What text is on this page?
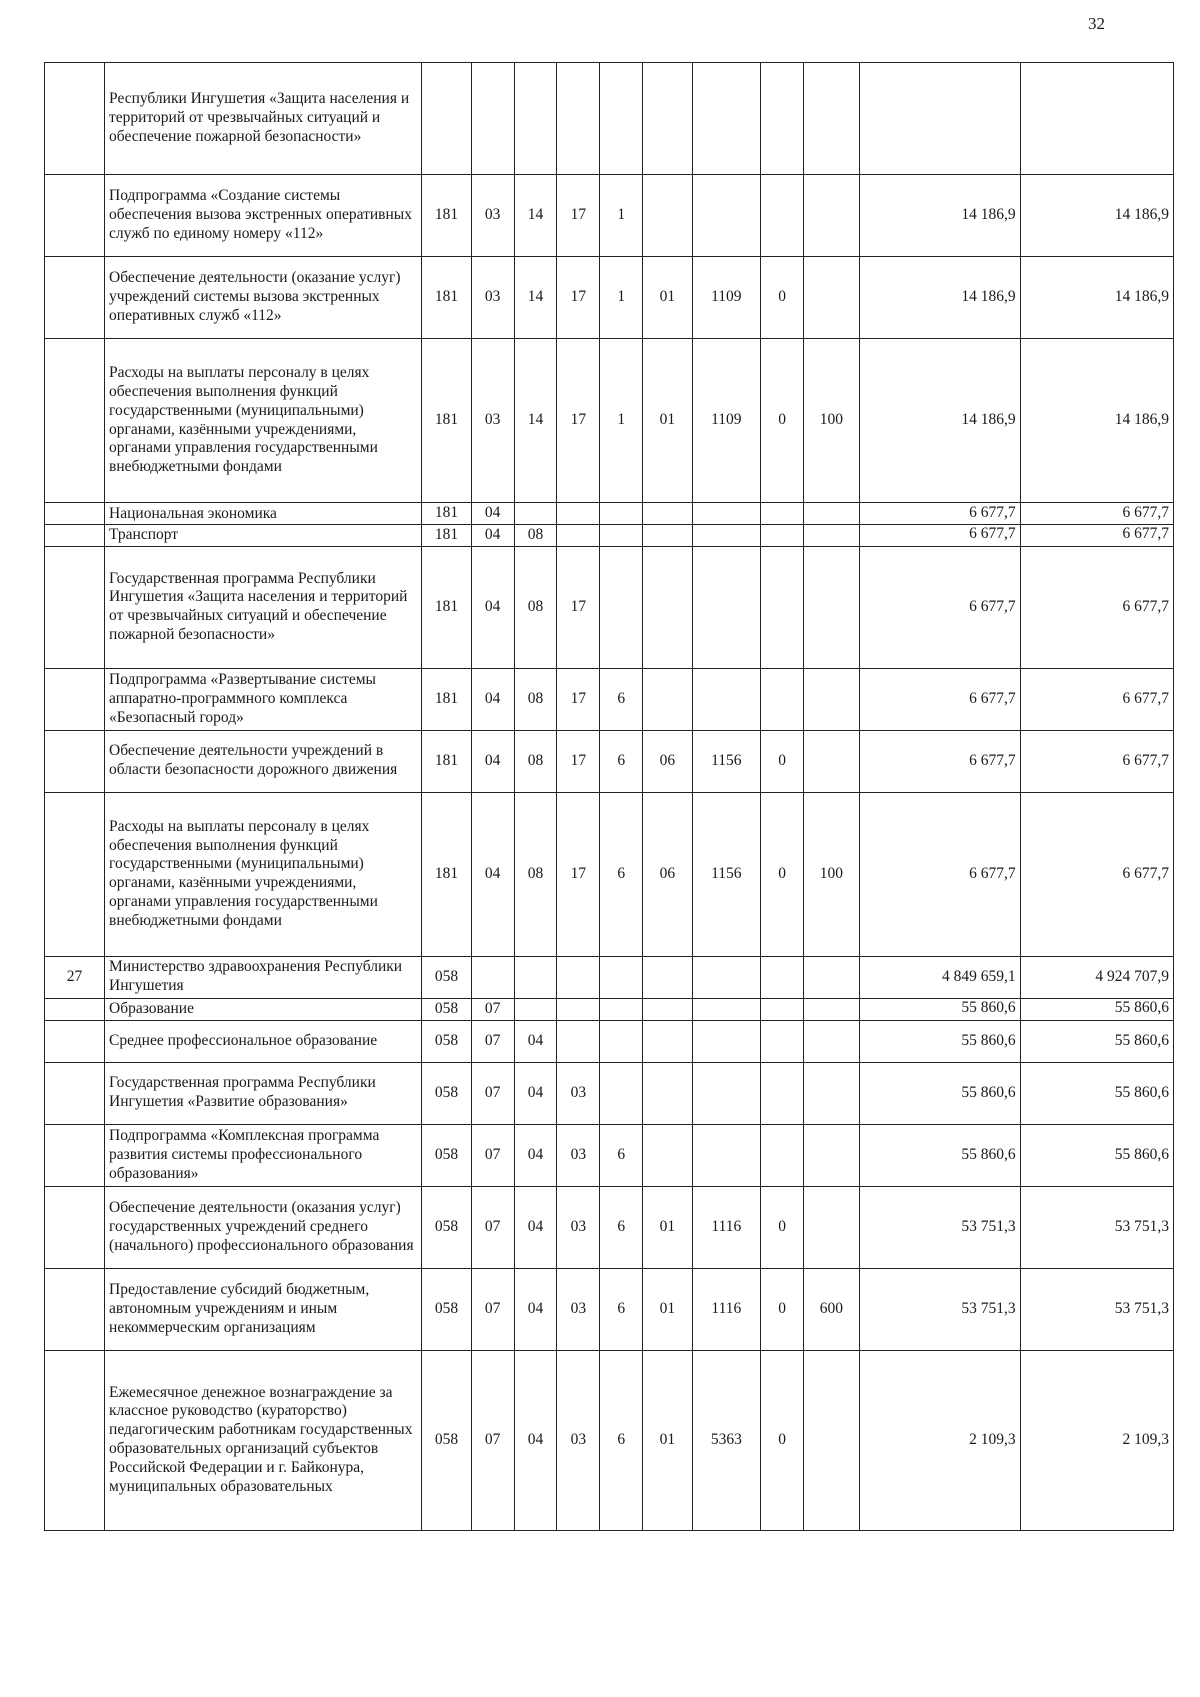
32
	Республики Ингушетия «Защита населения и территорий от чрезвычайных ситуаций и обеспечение пожарной безопасности»											
	Подпрограмма «Создание системы обеспечения вызова экстренных оперативных служб по единому номеру «112»	181	03	14	17	1					14 186,9	14 186,9
	Обеспечение деятельности (оказание услуг) учреждений системы вызова экстренных оперативных служб «112»	181	03	14	17	1	01	1109	0		14 186,9	14 186,9
	Расходы на выплаты персоналу в целях обеспечения выполнения функций государственными (муниципальными) органами, казёнными учреждениями, органами управления государственными внебюджетными фондами	181	03	14	17	1	01	1109	0	100	14 186,9	14 186,9
	Национальная экономика	181	04								6 677,7	6 677,7
	Транспорт	181	04	08							6 677,7	6 677,7
	Государственная программа Республики Ингушетия «Защита населения и территорий от чрезвычайных ситуаций и обеспечение пожарной безопасности»	181	04	08	17						6 677,7	6 677,7
	Подпрограмма «Развертывание системы аппаратно-программного комплекса «Безопасный город»	181	04	08	17	6					6 677,7	6 677,7
	Обеспечение деятельности учреждений в области безопасности дорожного движения	181	04	08	17	6	06	1156	0		6 677,7	6 677,7
	Расходы на выплаты персоналу в целях обеспечения выполнения функций государственными (муниципальными) органами, казёнными учреждениями, органами управления государственными внебюджетными фондами	181	04	08	17	6	06	1156	0	100	6 677,7	6 677,7
27	Министерство здравоохранения Республики Ингушетия	058									4 849 659,1	4 924 707,9
	Образование	058	07								55 860,6	55 860,6
	Среднее профессиональное образование	058	07	04							55 860,6	55 860,6
	Государственная программа Республики Ингушетия «Развитие образования»	058	07	04	03						55 860,6	55 860,6
	Подпрограмма «Комплексная программа развития системы профессионального образования»	058	07	04	03	6					55 860,6	55 860,6
	Обеспечение деятельности (оказания услуг) государственных учреждений среднего (начального) профессионального образования	058	07	04	03	6	01	1116	0		53 751,3	53 751,3
	Предоставление субсидий бюджетным, автономным учреждениям и иным некоммерческим организациям	058	07	04	03	6	01	1116	0	600	53 751,3	53 751,3
	Ежемесячное денежное вознаграждение за классное руководство (кураторство) педагогическим работникам государственных образовательных организаций субъектов Российской Федерации и г. Байконура, муниципальных образовательных	058	07	04	03	6	01	5363	0		2 109,3	2 109,3
